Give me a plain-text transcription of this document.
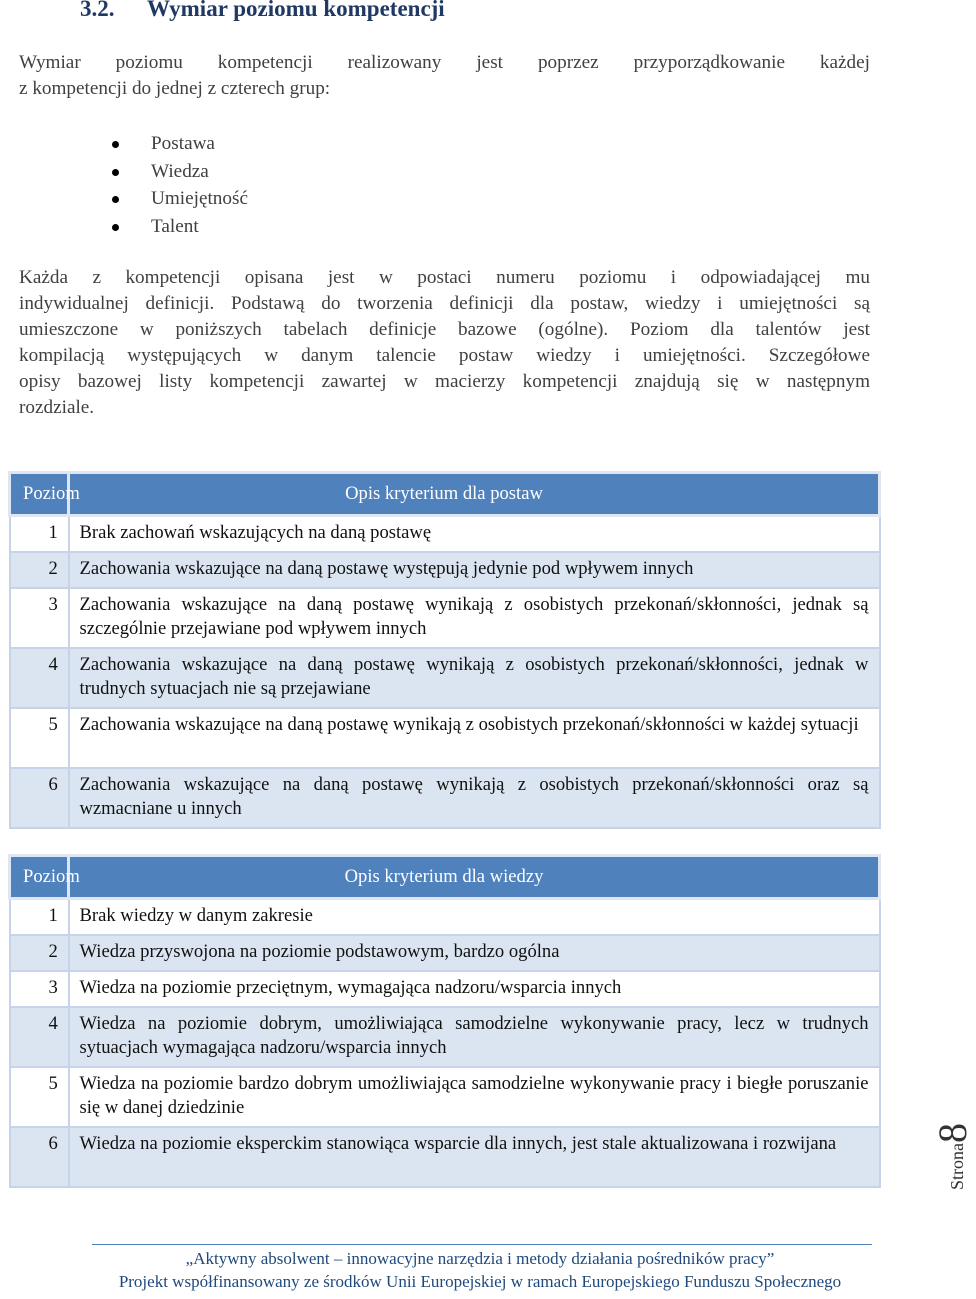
3.2. Wymiar poziomu kompetencji
Wymiar poziomu kompetencji realizowany jest poprzez przyporządkowanie każdej
z kompetencji do jednej z czterech grup:
Postawa
Wiedza
Umiejętność
Talent
Każda z kompetencji opisana jest w postaci numeru poziomu i odpowiadającej mu
indywidualnej definicji. Podstawą do tworzenia definicji dla postaw, wiedzy i umiejętności są
umieszczone w poniższych tabelach definicje bazowe (ogólne). Poziom dla talentów jest
kompilacją występujących w danym talencie postaw wiedzy i umiejętności. Szczegółowe
opisy bazowej listy kompetencji zawartej w macierzy kompetencji znajdują się w następnym
rozdziale.
Poziom	Opis kryterium dla postaw

1	Brak zachowań wskazujących na daną postawę

2	Zachowania wskazujące na daną postawę występują jedynie pod wpływem innych

3	Zachowania wskazujące na daną postawę wynikają z osobistych przekonań/skłonności, jednak są szczególnie przejawiane pod wpływem innych

4	Zachowania wskazujące na daną postawę wynikają z osobistych przekonań/skłonności, jednak w trudnych sytuacjach nie są przejawiane

5	Zachowania wskazujące na daną postawę wynikają z osobistych przekonań/skłonności w każdej sytuacji

6	Zachowania wskazujące na daną postawę wynikają z osobistych przekonań/skłonności oraz są wzmacniane u innych
Poziom	Opis kryterium dla wiedzy

1	Brak wiedzy w danym zakresie

2	Wiedza przyswojona na poziomie podstawowym, bardzo ogólna

3	Wiedza na poziomie przeciętnym, wymagająca nadzoru/wsparcia innych

4	Wiedza na poziomie dobrym, umożliwiająca samodzielne wykonywanie pracy, lecz w trudnych sytuacjach wymagająca nadzoru/wsparcia innych

5	Wiedza na poziomie bardzo dobrym umożliwiająca samodzielne wykonywanie pracy i biegłe poruszanie się w danej dziedzinie

6	Wiedza na poziomie eksperckim stanowiąca wsparcie dla innych, jest stale aktualizowana i rozwijana	Strona8
„Aktywny absolwent – innowacyjne narzędzia i metody działania pośredników pracy”
Projekt współfinansowany ze środków Unii Europejskiej w ramach Europejskiego Funduszu Społecznego
